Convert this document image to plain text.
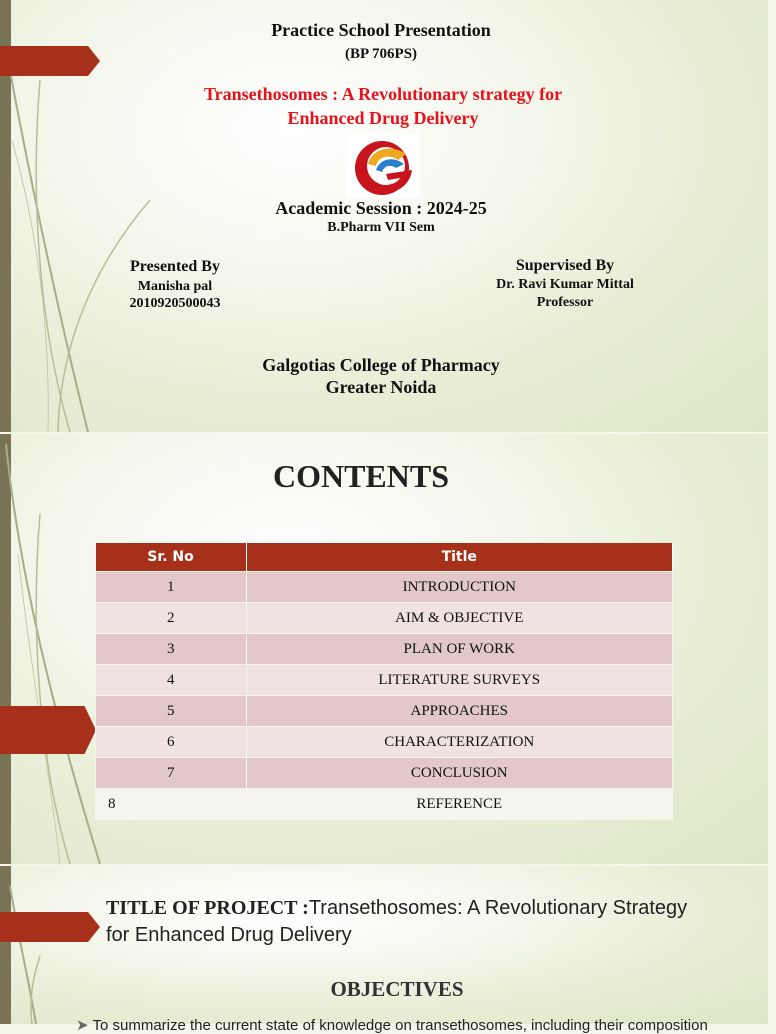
Practice School Presentation
(BP 706PS)
Transethosomes : A Revolutionary strategy for
Enhanced Drug Delivery
Academic Session : 2024-25
B.Pharm VII Sem
Presented By
Manisha pal
2010920500043
Supervised By
Dr. Ravi Kumar Mittal
Professor
Galgotias College of Pharmacy
Greater Noida
CONTENTS
Sr. No	Title
1	INTRODUCTION
2	AIM & OBJECTIVE
3	PLAN OF WORK
4	LITERATURE SURVEYS
5	APPROACHES
6	CHARACTERIZATION
7	CONCLUSION
8	REFERENCE
TITLE OF PROJECT :Transethosomes: A Revolutionary Strategy
for Enhanced Drug Delivery
OBJECTIVES
➤ To summarize the current state of knowledge on transethosomes, including their composition
